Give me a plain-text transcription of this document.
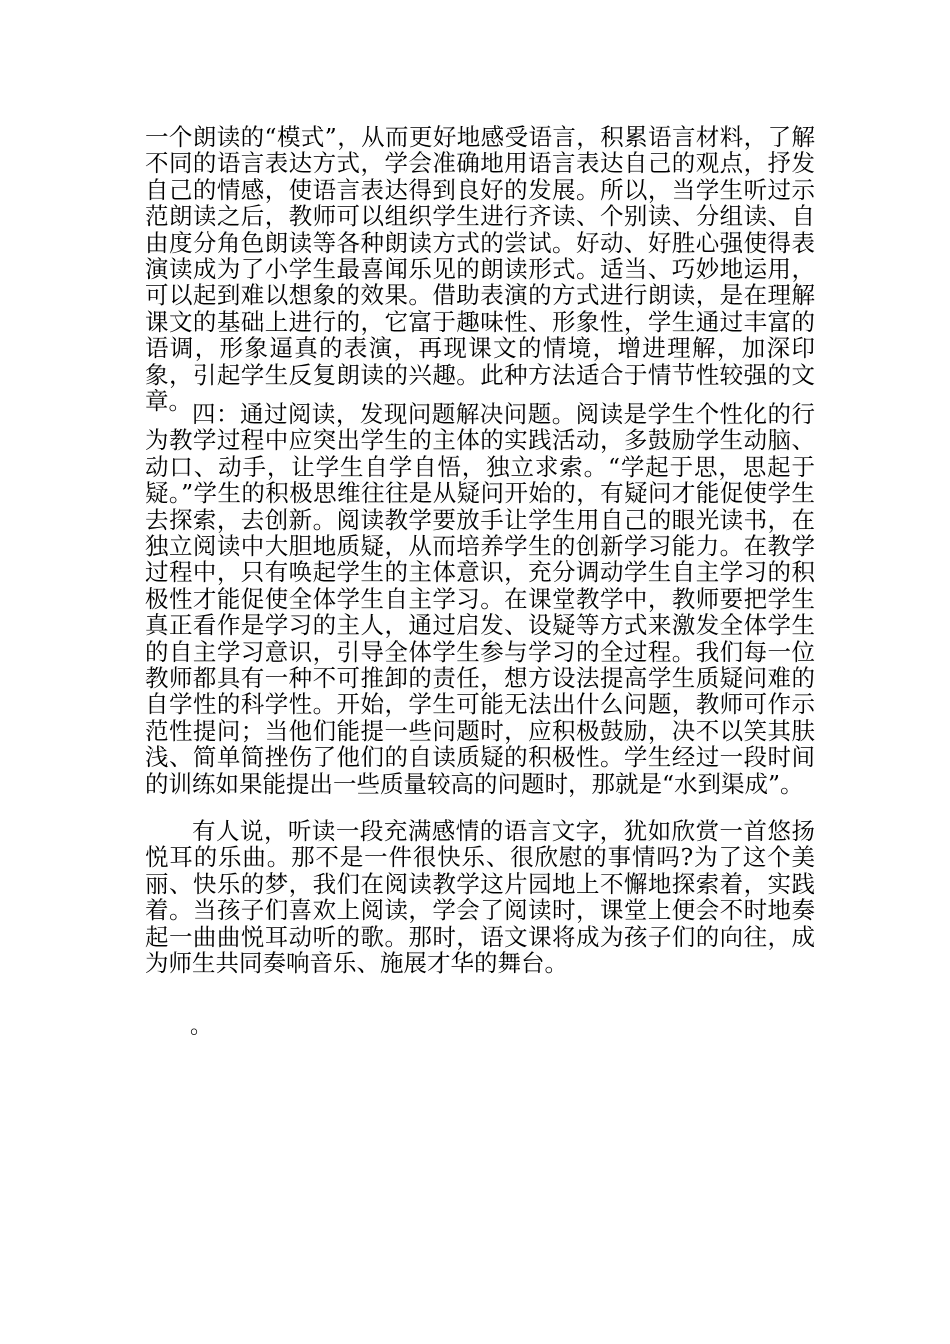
一个朗读的“模式”，从而更好地感受语言，积累语言材料，了解不同的语言表达方式，学会准确地用语言表达自己的观点，抒发自己的情感，使语言表达得到良好的发展。所以，当学生听过示范朗读之后，教师可以组织学生进行齐读、个别读、分组读、自由度分角色朗读等各种朗读方式的尝试。好动、好胜心强使得表演读成为了小学生最喜闻乐见的朗读形式。适当、巧妙地运用，可以起到难以想象的效果。借助表演的方式进行朗读，是在理解课文的基础上进行的，它富于趣味性、形象性，学生通过丰富的语调，形象逼真的表演，再现课文的情境，增进理解，加深印象，引起学生反复朗读的兴趣。此种方法适合于情节性较强的文章。 四：通过阅读，发现问题解决问题。阅读是学生个性化的行为教学过程中应突出学生的主体的实践活动，多鼓励学生动脑、动口、动手，让学生自学自悟，独立求索。“学起于思，思起于疑。”学生的积极思维往往是从疑问开始的，有疑问才能促使学生去探索，去创新。阅读教学要放手让学生用自己的眼光读书，在独立阅读中大胆地质疑，从而培养学生的创新学习能力。在教学过程中，只有唤起学生的主体意识，充分调动学生自主学习的积极性才能促使全体学生自主学习。在课堂教学中，教师要把学生真正看作是学习的主人，通过启发、设疑等方式来激发全体学生的自主学习意识，引导全体学生参与学习的全过程。我们每一位教师都具有一种不可推卸的责任，想方设法提高学生质疑问难的自学性的科学性。开始，学生可能无法出什么问题，教师可作示范性提问；当他们能提一些问题时，应积极鼓励，决不以笑其肤浅、简单简挫伤了他们的自读质疑的积极性。学生经过一段时间的训练如果能提出一些质量较高的问题时，那就是“水到渠成”。

有人说，听读一段充满感情的语言文字，犹如欣赏一首悠扬悦耳的乐曲。那不是一件很快乐、很欣慰的事情吗?为了这个美丽、快乐的梦，我们在阅读教学这片园地上不懈地探索着，实践着。当孩子们喜欢上阅读，学会了阅读时，课堂上便会不时地奏起一曲曲悦耳动听的歌。那时，语文课将成为孩子们的向往，成为师生共同奏响音乐、施展才华的舞台。

。
